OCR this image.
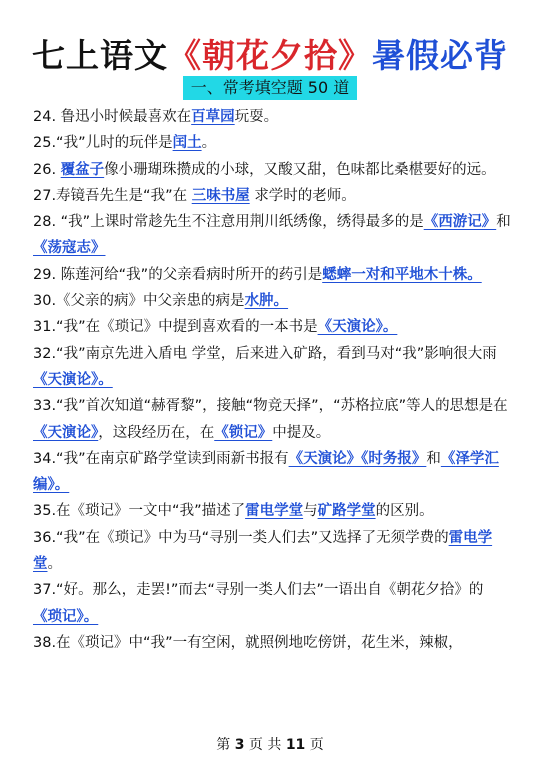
七上语文《朝花夕拾》暑假必背
一、常考填空题 50 道

24. 鲁迅小时候最喜欢在百草园玩耍。

25.“我”儿时的玩伴是闰土。

26. 覆盆子像小珊瑚珠攒成的小球，又酸又甜，色味都比桑椹要好的远。

27.寿镜吾先生是“我”在 三味书屋 求学时的老师。

28. “我”上课时常趁先生不注意用荆川纸绣像，绣得最多的是《西游记》和《荡寇志》

29. 陈莲河给“我”的父亲看病时所开的药引是蟋蟀一对和平地木十株。

30.《父亲的病》中父亲患的病是水肿。

31.“我”在《琐记》中提到喜欢看的一本书是《天演论》。

32.“我”南京先进入盾电 学堂，后来进入矿路，看到马对“我”影响很大雨《天演论》。

33.“我”首次知道“赫胥黎”，接触“物竞天择”，“苏格拉底”等人的思想是在《天演论》，这段经历在，在《锁记》中提及。

34.“我”在南京矿路学堂读到雨新书报有《天演论》《时务报》和《泽学汇编》。

35.在《琐记》一文中“我”描述了雷电学堂与矿路学堂的区别。

36.“我”在《琐记》中为马“寻别一类人们去”又选择了无须学费的雷电学堂。

37.“好。那么，走罢!”而去“寻别一类人们去”一语出自《朝花夕拾》的《琐记》。

38.在《琐记》中“我”一有空闲，就照例地吃傍饼，花生米，辣椒，

第 3 页 共 11 页
